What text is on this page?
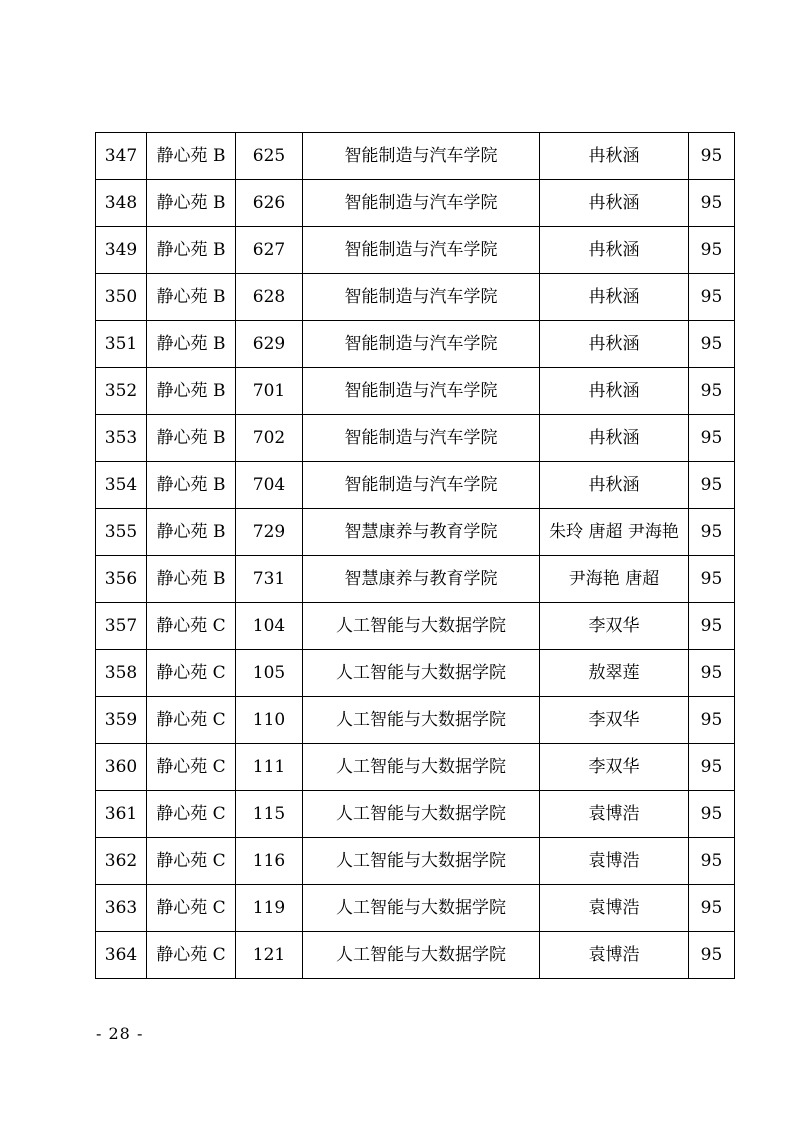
347	静心苑 B	625	智能制造与汽车学院	冉秋涵	95
348	静心苑 B	626	智能制造与汽车学院	冉秋涵	95
349	静心苑 B	627	智能制造与汽车学院	冉秋涵	95
350	静心苑 B	628	智能制造与汽车学院	冉秋涵	95
351	静心苑 B	629	智能制造与汽车学院	冉秋涵	95
352	静心苑 B	701	智能制造与汽车学院	冉秋涵	95
353	静心苑 B	702	智能制造与汽车学院	冉秋涵	95
354	静心苑 B	704	智能制造与汽车学院	冉秋涵	95
355	静心苑 B	729	智慧康养与教育学院	朱玲 唐超 尹海艳	95
356	静心苑 B	731	智慧康养与教育学院	尹海艳 唐超	95
357	静心苑 C	104	人工智能与大数据学院	李双华	95
358	静心苑 C	105	人工智能与大数据学院	敖翠莲	95
359	静心苑 C	110	人工智能与大数据学院	李双华	95
360	静心苑 C	111	人工智能与大数据学院	李双华	95
361	静心苑 C	115	人工智能与大数据学院	袁博浩	95
362	静心苑 C	116	人工智能与大数据学院	袁博浩	95
363	静心苑 C	119	人工智能与大数据学院	袁博浩	95
364	静心苑 C	121	人工智能与大数据学院	袁博浩	95
- 28 -
